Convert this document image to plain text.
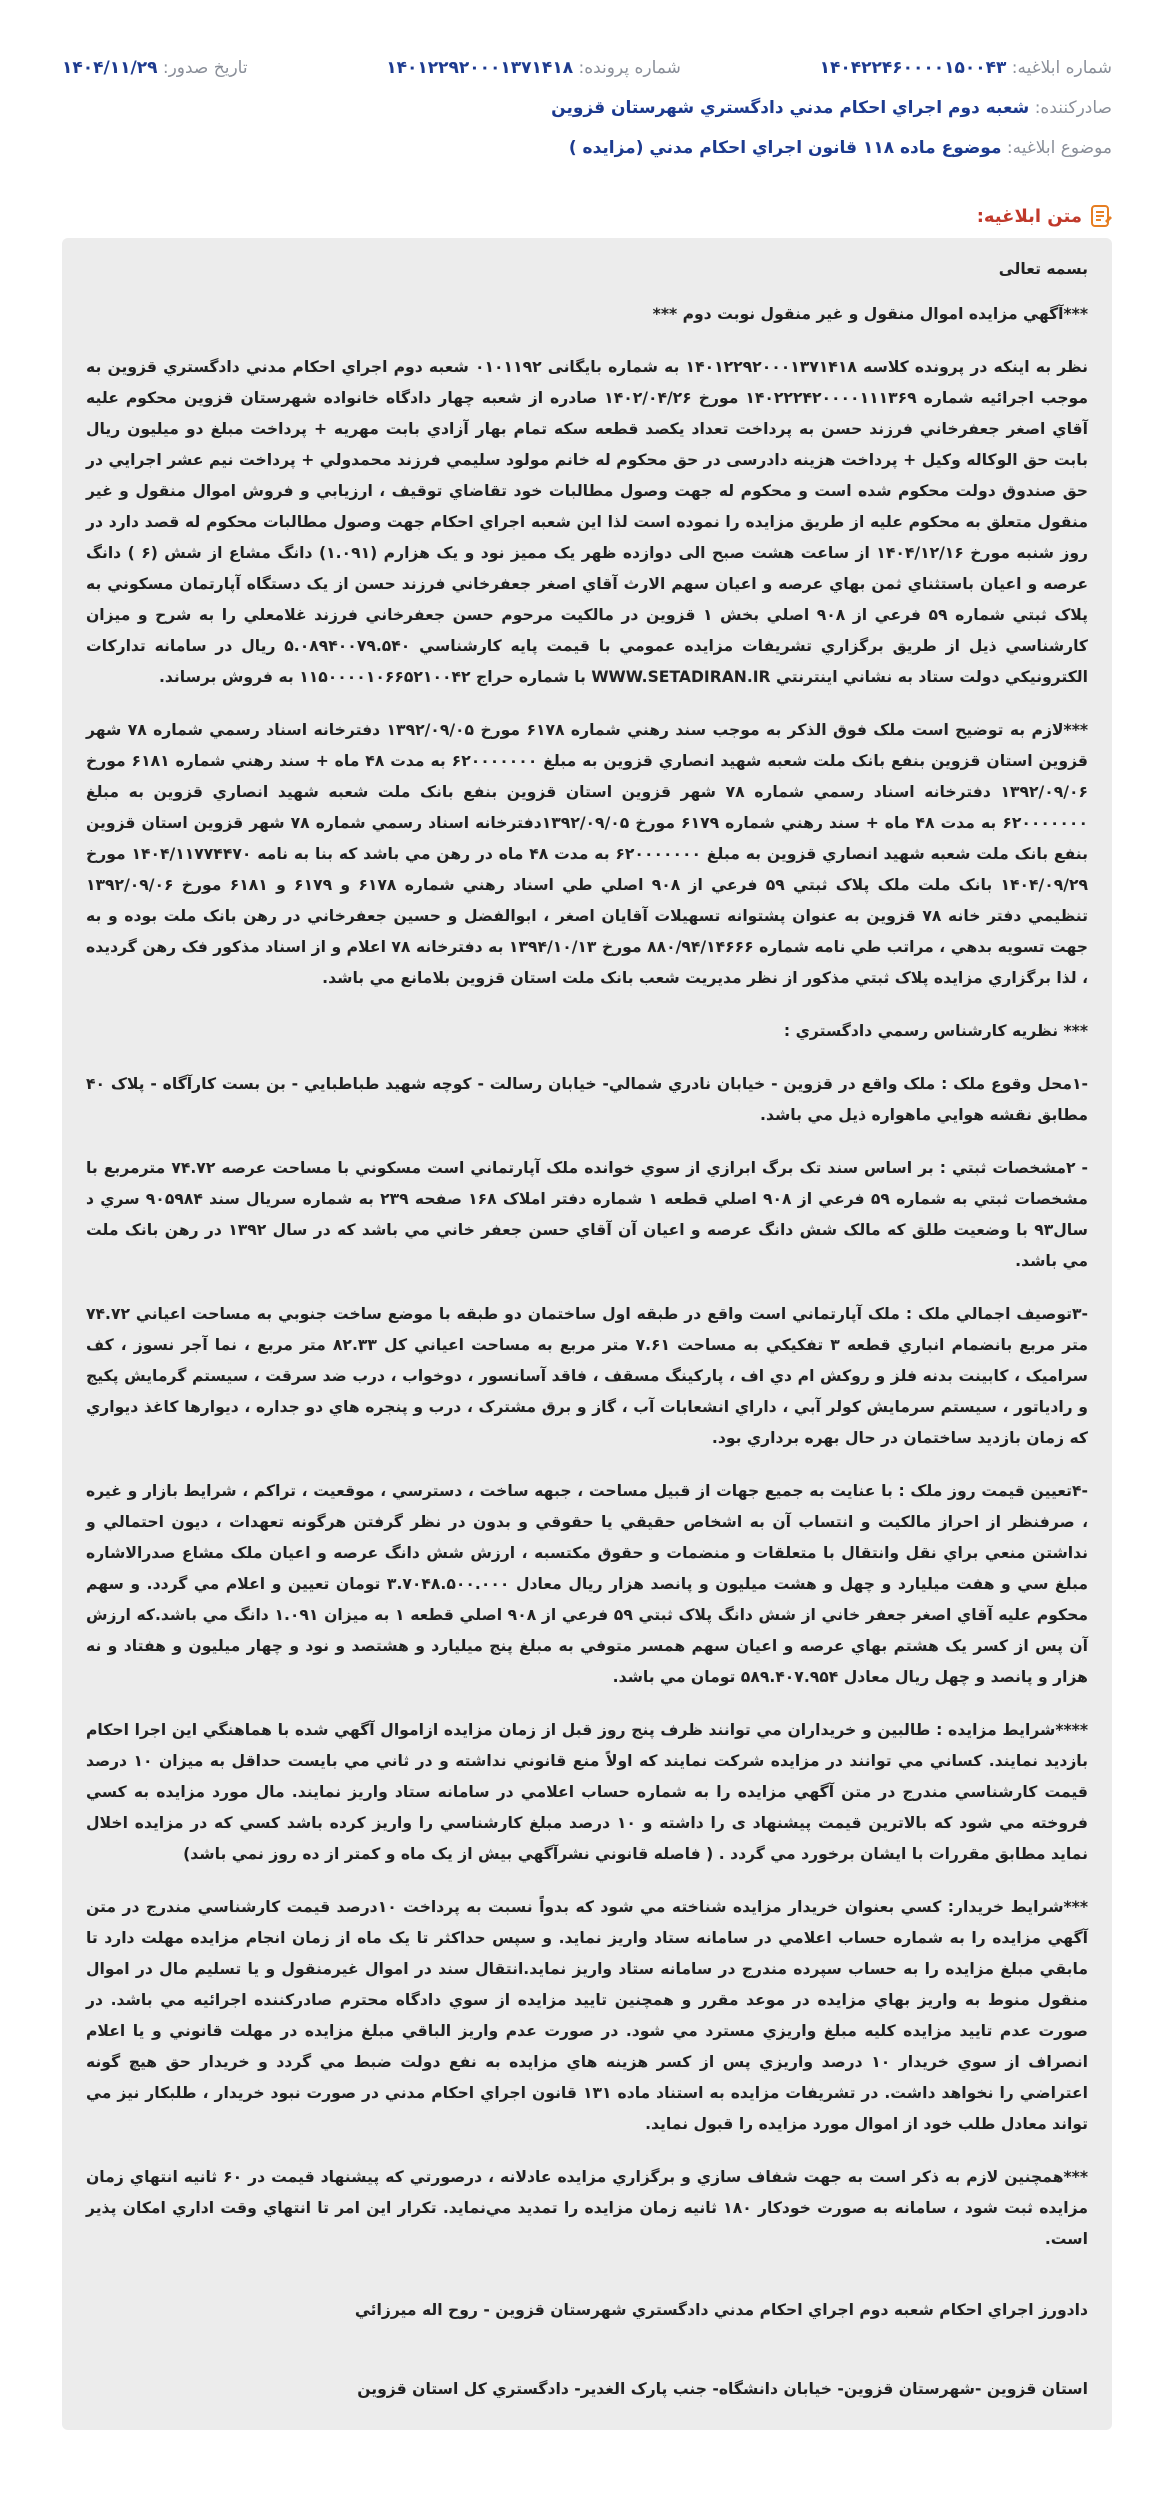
شماره ابلاغیه: ۱۴۰۴۲۲۴۶۰۰۰۰۱۵۰۰۴۳
شماره پرونده: ۱۴۰۱۲۲۹۲۰۰۰۱۳۷۱۴۱۸
تاریخ صدور: ۱۴۰۴/۱۱/۲۹
صادرکننده: شعبه دوم اجراي احكام مدني دادگستري شهرستان قزوين
موضوع ابلاغیه: موضوع ماده ۱۱۸ قانون اجراي احكام مدني (مزايده )
متن ابلاغیه:

بسمه تعالی

***آگهي مزايده اموال منقول و غير منقول نوبت دوم ***

نظر به اينكه در پرونده كلاسه ۱۴۰۱۲۲۹۲۰۰۰۱۳۷۱۴۱۸ به شماره بایگانی ۰۱۰۱۱۹۲ شعبه دوم اجراي احكام مدني دادگستري قزوين به موجب اجرائيه شماره ۱۴۰۲۲۲۴۲۰۰۰۰۱۱۱۳۶۹ مورخ ۱۴۰۲/۰۴/۲۶ صادره از شعبه چهار دادگاه خانواده شهرستان قزوين محكوم عليه آقاي اصغر جعفرخاني فرزند حسن به پرداخت تعداد يكصد قطعه سكه تمام بهار آزادي بابت مهريه + پرداخت مبلغ دو ميليون ريال بابت حق الوكاله وكيل + پرداخت هزينه دادرسی در حق محكوم له خانم مولود سليمي فرزند محمدولي + پرداخت نيم عشر اجرايي در حق صندوق دولت محكوم شده است و محكوم له جهت وصول مطالبات خود تقاضاي توقيف ، ارزيابي و فروش اموال منقول و غير منقول متعلق به محكوم عليه از طريق مزايده را نموده است لذا اين شعبه اجراي احكام جهت وصول مطالبات محكوم له قصد دارد در روز شنبه مورخ ۱۴۰۴/۱۲/۱۶ از ساعت هشت صبح الی دوازده ظهر يک مميز نود و يک هزارم (۱.۰۹۱) دانگ مشاع از شش (۶ ) دانگ عرصه و اعيان باستثناي ثمن بهاي عرصه و اعيان سهم الارث آقاي اصغر جعفرخاني فرزند حسن از يک دستگاه آپارتمان مسكوني به پلاک ثبتي شماره ۵۹ فرعي از ۹۰۸ اصلي بخش ۱ قزوين در مالکيت مرحوم حسن جعفرخاني فرزند غلامعلي را به شرح و ميزان کارشناسي ذيل از طريق برگزاري تشريفات مزايده عمومي با قيمت پايه کارشناسي ۵.۰۸۹۴۰۰۷۹.۵۴۰ ريال در سامانه تدارکات الکترونيکي دولت ستاد به نشاني اينترنتي WWW.SETADIRAN.IR با شماره حراج ۱۱۵۰۰۰۰۱۰۶۶۵۲۱۰۰۴۲ به فروش برساند.

***لازم به توضيح است ملک فوق الذکر به موجب سند رهني شماره ۶۱۷۸ مورخ ۱۳۹۲/۰۹/۰۵ دفترخانه اسناد رسمي شماره ۷۸ شهر قزوين استان قزوين بنفع بانک ملت شعبه شهيد انصاري قزوين به مبلغ ۶۲۰۰۰۰۰۰۰ به مدت ۴۸ ماه + سند رهني شماره ۶۱۸۱ مورخ ۱۳۹۲/۰۹/۰۶ دفترخانه اسناد رسمي شماره ۷۸ شهر قزوين استان قزوين بنفع بانک ملت شعبه شهيد انصاري قزوين به مبلغ ۶۲۰۰۰۰۰۰۰ به مدت ۴۸ ماه + سند رهني شماره ۶۱۷۹ مورخ ۱۳۹۲/۰۹/۰۵دفترخانه اسناد رسمي شماره ۷۸ شهر قزوين استان قزوين بنفع بانک ملت شعبه شهيد انصاري قزوين به مبلغ ۶۲۰۰۰۰۰۰۰ به مدت ۴۸ ماه در رهن مي باشد که بنا به نامه ۱۴۰۴/۱۱۷۷۴۴۷۰ مورخ ۱۴۰۴/۰۹/۲۹ بانک ملت ملک پلاک ثبتي ۵۹ فرعي از ۹۰۸ اصلي طي اسناد رهني شماره ۶۱۷۸ و ۶۱۷۹ و ۶۱۸۱ مورخ ۱۳۹۲/۰۹/۰۶ تنظيمي دفتر خانه ۷۸ قزوين به عنوان پشتوانه تسهيلات آقايان اصغر ، ابوالفضل و حسين جعفرخاني در رهن بانک ملت بوده و به جهت تسويه بدهي ، مراتب طي نامه شماره ۸۸۰/۹۴/۱۴۶۶۶ مورخ ۱۳۹۴/۱۰/۱۳ به دفترخانه ۷۸ اعلام و از اسناد مذكور فک رهن گرديده ، لذا برگزاري مزايده پلاک ثبتي مذکور از نظر مديريت شعب بانک ملت استان قزوين بلامانع مي باشد.

*** نظريه كارشناس رسمي دادگستري :

-۱محل وقوع ملک : ملک واقع در قزوين - خيابان نادري شمالي- خيابان رسالت - كوچه شهيد طباطبايي - بن بست كارآگاه - پلاک ۴۰ مطابق نقشه هوايي ماهواره ذيل مي باشد.

- ۲مشخصات ثبتي : بر اساس سند تک برگ ابرازي از سوي خوانده ملک آپارتماني است مسكوني با مساحت عرصه ۷۴.۷۲ مترمربع با مشخصات ثبتي به شماره ۵۹ فرعي از ۹۰۸ اصلي قطعه ۱ شماره دفتر املاک ۱۶۸ صفحه ۲۳۹ به شماره سريال سند ۹۰۵۹۸۴ سري د سال۹۳ با وضعيت طلق كه مالک شش دانگ عرصه و اعيان آن آقاي حسن جعفر خاني مي باشد كه در سال ۱۳۹۲ در رهن بانک ملت مي باشد.

-۳توصيف اجمالي ملک : ملک آپارتماني است واقع در طبقه اول ساختمان دو طبقه با موضع ساخت جنوبي به مساحت اعياني ۷۴.۷۲ متر مربع بانضمام انباري قطعه ۳ تفكيكي به مساحت ۷.۶۱ متر مربع به مساحت اعياني كل ۸۲.۳۳ متر مربع ، نما آجر نسوز ، كف سراميک ، كابينت بدنه فلز و روكش ام دي اف ، پاركينگ مسقف ، فاقد آسانسور ، دوخواب ، درب ضد سرقت ، سيستم گرمايش پكيج و رادياتور ، سيستم سرمايش كولر آبي ، داراي انشعابات آب ، گاز و برق مشترک ، درب و پنجره هاي دو جداره ، ديوارها كاغذ ديواري كه زمان بازديد ساختمان در حال بهره برداري بود.

-۴تعيين قيمت روز ملک : با عنايت به جميع جهات از قبيل مساحت ، جبهه ساخت ، دسترسي ، موقعيت ، تراكم ، شرايط بازار و غيره ، صرفنظر از احراز مالكيت و انتساب آن به اشخاص حقيقي يا حقوقي و بدون در نظر گرفتن هرگونه تعهدات ، ديون احتمالي و نداشتن منعي براي نقل وانتقال با متعلقات و منضمات و حقوق مكتسبه ، ارزش شش دانگ عرصه و اعيان ملک مشاع صدرالاشاره مبلغ سي و هفت ميليارد و چهل و هشت ميليون و پانصد هزار ريال معادل ۳.۷۰۴۸.۵۰۰.۰۰۰ تومان تعيين و اعلام مي گردد. و سهم محكوم عليه آقاي اصغر جعفر خاني از شش دانگ پلاک ثبتي ۵۹ فرعي از ۹۰۸ اصلي قطعه ۱ به ميزان ۱.۰۹۱ دانگ مي باشد.كه ارزش آن پس از كسر يک هشتم بهاي عرصه و اعيان سهم همسر متوفي به مبلغ پنج ميليارد و هشتصد و نود و چهار ميليون و هفتاد و نه هزار و پانصد و چهل ريال معادل ۵۸۹.۴۰۷.۹۵۴ تومان مي باشد.

****شرايط مزايده : طالبين و خريداران مي توانند ظرف پنج روز قبل از زمان مزايده ازاموال آگهي شده با هماهنگي اين اجرا احكام بازديد نمايند. كساني مي توانند در مزايده شركت نمايند كه اولاً منع قانوني نداشته و در ثاني مي بايست حداقل به ميزان ۱۰ درصد قيمت كارشناسي مندرج در متن آگهي مزايده را به شماره حساب اعلامي در سامانه ستاد واريز نمايند. مال مورد مزايده به كسي فروخته مي شود كه بالاترين قيمت پيشنهاد ی را داشته و ۱۰ درصد مبلغ كارشناسي را واريز كرده باشد كسي كه در مزايده اخلال نمايد مطابق مقررات با ايشان برخورد مي گردد . ( فاصله قانوني نشرآگهي بيش از يک ماه و كمتر از ده روز نمي باشد)

***شرايط خريدار: كسي بعنوان خريدار مزايده شناخته مي شود كه بدواً نسبت به پرداخت ۱۰درصد قيمت كارشناسي مندرج در متن آگهي مزايده را به شماره حساب اعلامي در سامانه ستاد واريز نمايد. و سپس حداكثر تا يک ماه از زمان انجام مزايده مهلت دارد تا مابقي مبلغ مزايده را به حساب سپرده مندرج در سامانه ستاد واريز نمايد.انتقال سند در اموال غيرمنقول و يا تسليم مال در اموال منقول منوط به واريز بهاي مزايده در موعد مقرر و همچنين تاييد مزايده از سوي دادگاه محترم صادركننده اجرائيه مي باشد. در صورت عدم تاييد مزايده كليه مبلغ واريزي مسترد مي شود. در صورت عدم واريز الباقي مبلغ مزايده در مهلت قانوني و يا اعلام انصراف از سوي خريدار ۱۰ درصد واريزي پس از كسر هزينه هاي مزايده به نفع دولت ضبط مي گردد و خريدار حق هيچ گونه اعتراضي را نخواهد داشت. در تشريفات مزايده به استناد ماده ۱۳۱ قانون اجراي احكام مدني در صورت نبود خريدار ، طلبكار نيز مي تواند معادل طلب خود از اموال مورد مزايده را قبول نمايد.

***همچنين لازم به ذكر است به جهت شفاف سازي و برگزاري مزايده عادلانه ، درصورتي كه پيشنهاد قيمت در ۶۰ ثانيه انتهاي زمان مزايده ثبت شود ، سامانه به صورت خودكار ۱۸۰ ثانيه زمان مزايده را تمديد مي‌نمايد. تكرار اين امر تا انتهاي وقت اداري امكان پذير است.

دادورز اجراي احكام شعبه دوم اجراي احكام مدني دادگستري شهرستان قزوين - روح اله ميرزائي

استان قزوين -شهرستان قزوين- خيابان دانشگاه- جنب پارک الغدير- دادگستري كل استان قزوين
